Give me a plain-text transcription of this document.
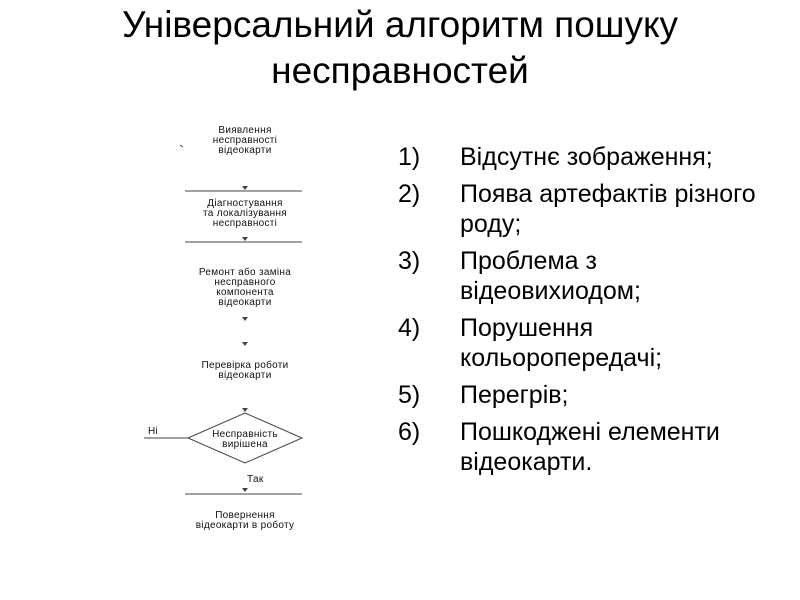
Універсальний алгоритм пошуку
несправностей
Виявлення
несправності
відеокарти
Діагностування
та локалізування
несправності
Ремонт або заміна
несправного
компонента
відеокарти
Перевірка роботи
відеокарти
Несправність
вирішена
Ні
Так
Повернення
відеокарти в роботу
1)	Відсутнє зображення;
2)	Поява артефактів різного роду;
3)	Проблема з відеовихиодом;
4)	Порушення кольоропередачі;
5)	Перегрів;
6)	Пошкоджені елементи відеокарти.
